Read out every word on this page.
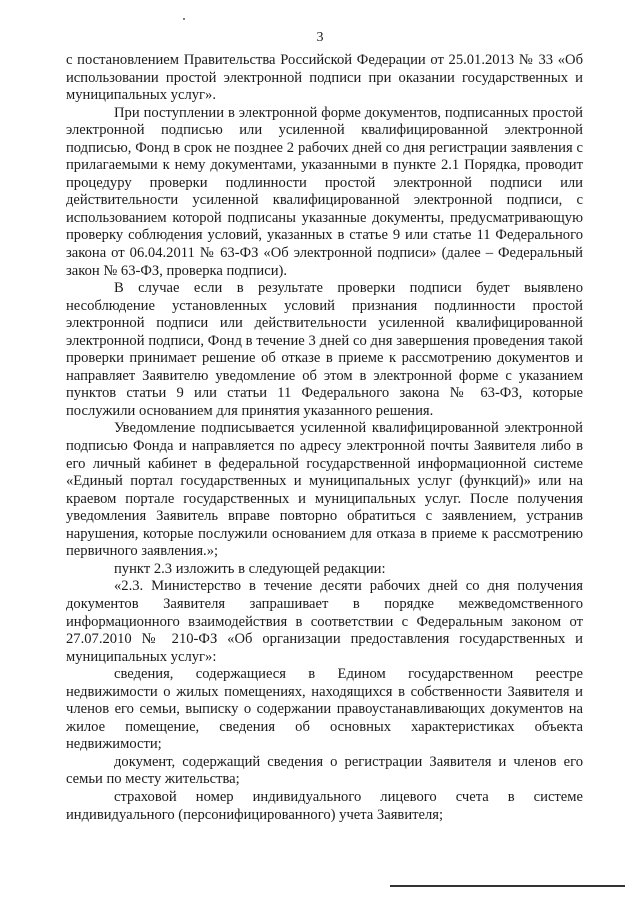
3

с постановлением Правительства Российской Федерации от 25.01.2013 № 33 «Об использовании простой электронной подписи при оказании государственных и муниципальных услуг».

При поступлении в электронной форме документов, подписанных простой электронной подписью или усиленной квалифицированной электронной подписью, Фонд в срок не позднее 2 рабочих дней со дня регистрации заявления с прилагаемыми к нему документами, указанными в пункте 2.1 Порядка, проводит процедуру проверки подлинности простой электронной подписи или действительности усиленной квалифицированной электронной подписи, с использованием которой подписаны указанные документы, предусматривающую проверку соблюдения условий, указанных в статье 9 или статье 11 Федерального закона от 06.04.2011 № 63-ФЗ «Об электронной подписи» (далее – Федеральный закон № 63-ФЗ, проверка подписи).

В случае если в результате проверки подписи будет выявлено несоблюдение установленных условий признания подлинности простой электронной подписи или действительности усиленной квалифицированной электронной подписи, Фонд в течение 3 дней со дня завершения проведения такой проверки принимает решение об отказе в приеме к рассмотрению документов и направляет Заявителю уведомление об этом в электронной форме с указанием пунктов статьи 9 или статьи 11 Федерального закона № 63-ФЗ, которые послужили основанием для принятия указанного решения.

Уведомление подписывается усиленной квалифицированной электронной подписью Фонда и направляется по адресу электронной почты Заявителя либо в его личный кабинет в федеральной государственной информационной системе «Единый портал государственных и муниципальных услуг (функций)» или на краевом портале государственных и муниципальных услуг. После получения уведомления Заявитель вправе повторно обратиться с заявлением, устранив нарушения, которые послужили основанием для отказа в приеме к рассмотрению первичного заявления.»;

пункт 2.3 изложить в следующей редакции:

«2.3. Министерство в течение десяти рабочих дней со дня получения документов Заявителя запрашивает в порядке межведомственного информационного взаимодействия в соответствии с Федеральным законом от 27.07.2010 № 210-ФЗ «Об организации предоставления государственных и муниципальных услуг»:

сведения, содержащиеся в Едином государственном реестре недвижимости о жилых помещениях, находящихся в собственности Заявителя и членов его семьи, выписку о содержании правоустанавливающих документов на жилое помещение, сведения об основных характеристиках объекта недвижимости;

документ, содержащий сведения о регистрации Заявителя и членов его семьи по месту жительства;

страховой номер индивидуального лицевого счета в системе индивидуального (персонифицированного) учета Заявителя;
